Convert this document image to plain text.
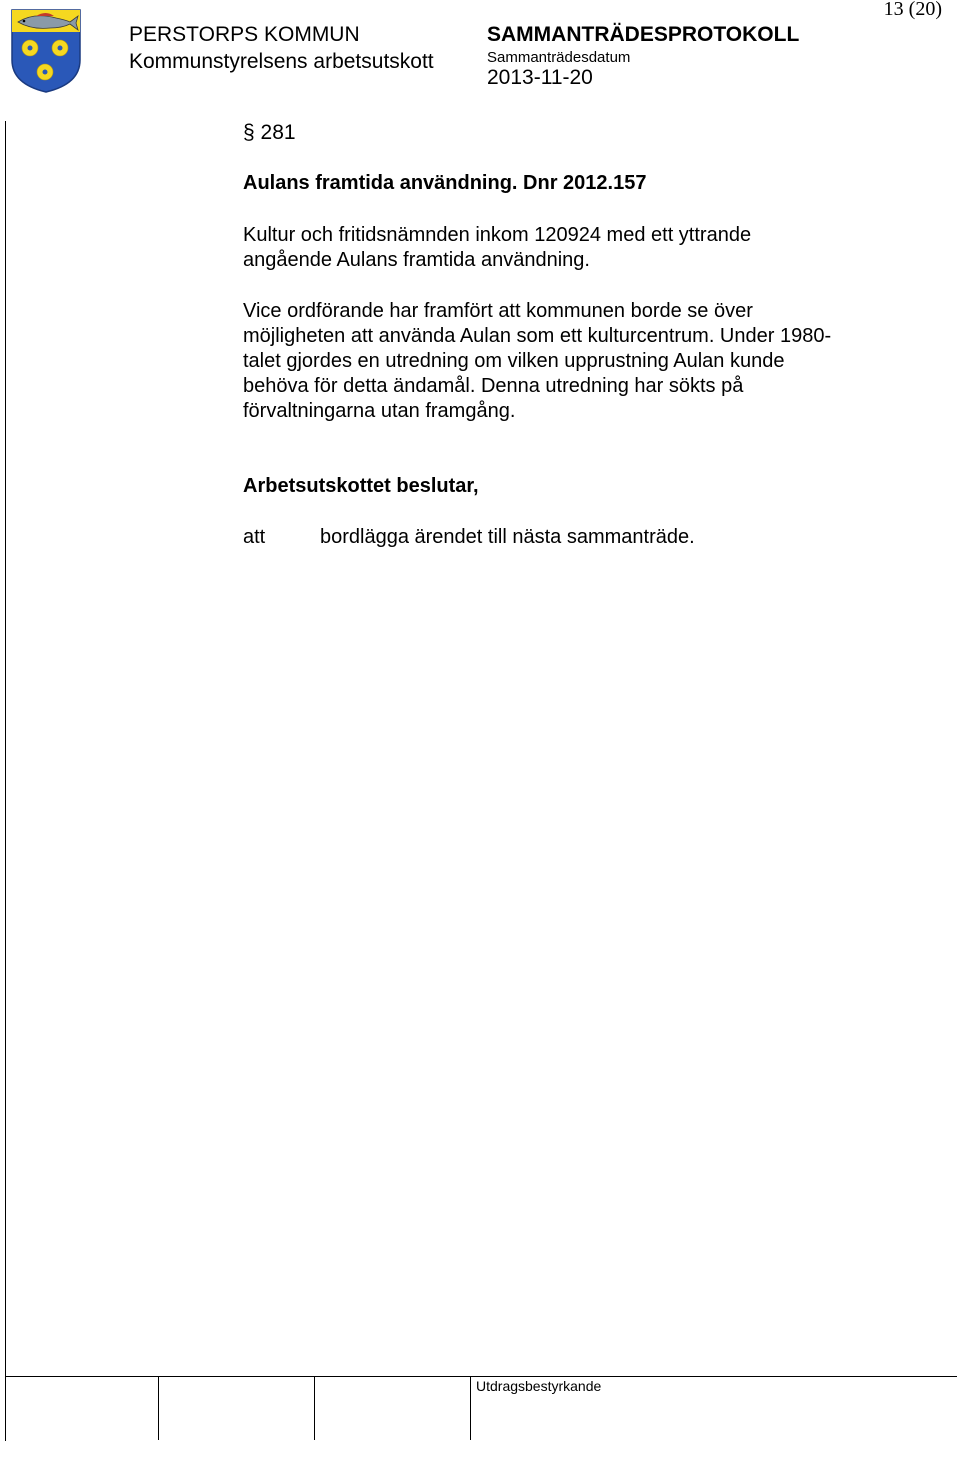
13 (20)
PERSTORPS KOMMUN
Kommunstyrelsens arbetsutskott
SAMMANTRÄDESPROTOKOLL
Sammanträdesdatum
2013-11-20
§ 281
Aulans framtida användning. Dnr 2012.157
Kultur och fritidsnämnden inkom 120924 med ett yttrande
angående Aulans framtida användning.
Vice ordförande har framfört att kommunen borde se över
möjligheten att använda Aulan som ett kulturcentrum. Under 1980-
talet gjordes en utredning om vilken upprustning Aulan kunde
behöva för detta ändamål. Denna utredning har sökts på
förvaltningarna utan framgång.
Arbetsutskottet beslutar,
att	bordlägga ärendet till nästa sammanträde.
Utdragsbestyrkande
